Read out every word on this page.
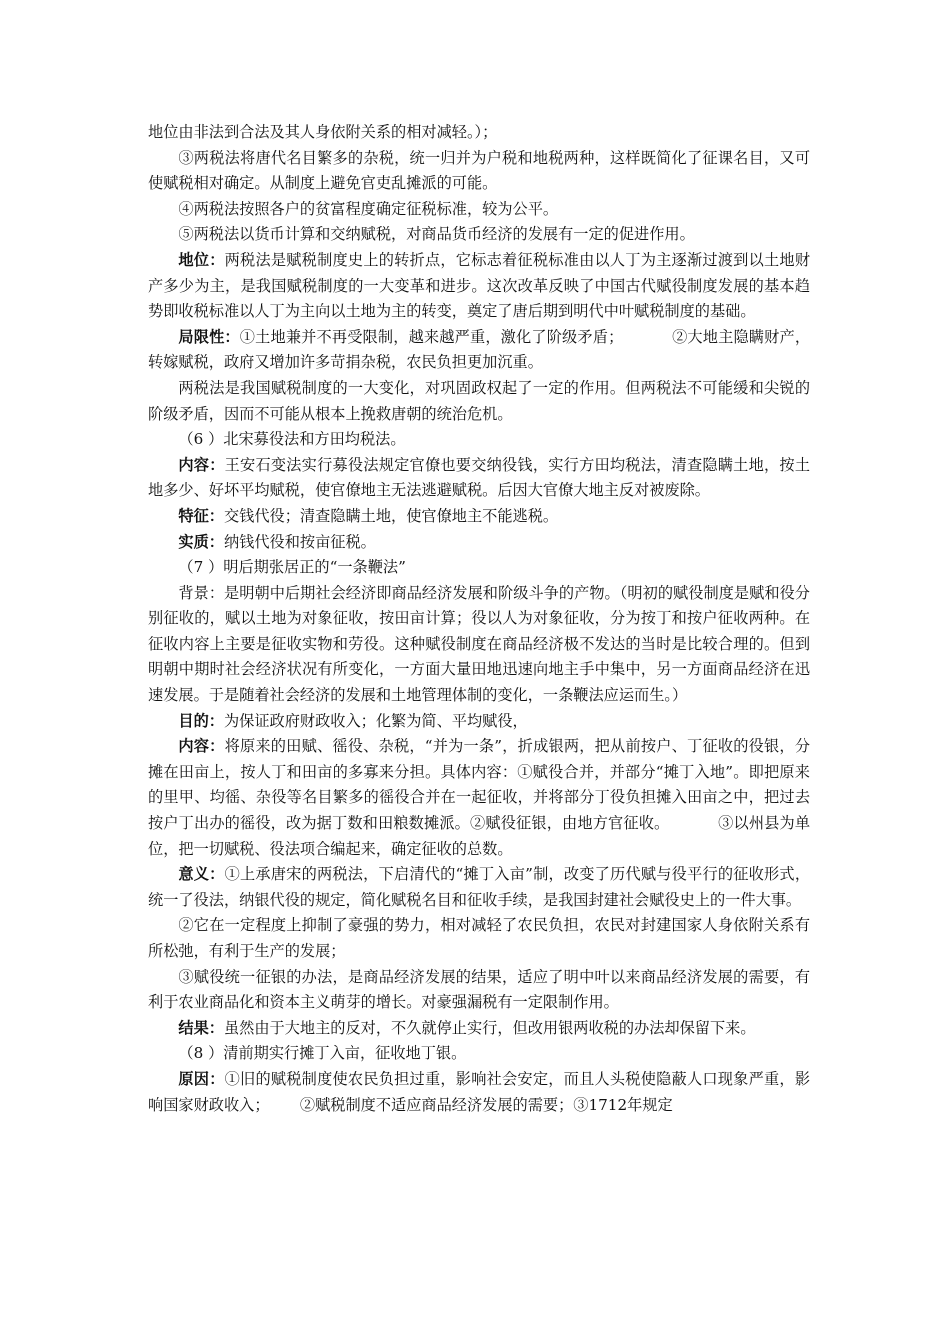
地位由非法到合法及其人身依附关系的相对减轻。）；

③两税法将唐代名目繁多的杂税，统一归并为户税和地税两种，这样既简化了征课名目，又可使赋税相对确定。从制度上避免官吏乱摊派的可能。

④两税法按照各户的贫富程度确定征税标准，较为公平。

⑤两税法以货币计算和交纳赋税，对商品货币经济的发展有一定的促进作用。

地位：两税法是赋税制度史上的转折点，它标志着征税标准由以人丁为主逐渐过渡到以土地财产多少为主，是我国赋税制度的一大变革和进步。这次改革反映了中国古代赋役制度发展的基本趋势即收税标准以人丁为主向以土地为主的转变，奠定了唐后期到明代中叶赋税制度的基础。

局限性：①土地兼并不再受限制，越来越严重，激化了阶级矛盾；	②大地主隐瞒财产，转嫁赋税，政府又增加许多苛捐杂税，农民负担更加沉重。

两税法是我国赋税制度的一大变化，对巩固政权起了一定的作用。但两税法不可能缓和尖锐的阶级矛盾，因而不可能从根本上挽救唐朝的统治危机。

（6 ）北宋募役法和方田均税法。

内容：王安石变法实行募役法规定官僚也要交纳役钱，实行方田均税法，清查隐瞒土地，按土地多少、好坏平均赋税，使官僚地主无法逃避赋税。后因大官僚大地主反对被废除。

特征：交钱代役；清查隐瞒土地，使官僚地主不能逃税。

实质：纳钱代役和按亩征税。

（7 ）明后期张居正的“一条鞭法”

背景：是明朝中后期社会经济即商品经济发展和阶级斗争的产物。（明初的赋役制度是赋和役分别征收的，赋以土地为对象征收，按田亩计算；役以人为对象征收，分为按丁和按户征收两种。在征收内容上主要是征收实物和劳役。这种赋役制度在商品经济极不发达的当时是比较合理的。但到明朝中期时社会经济状况有所变化，一方面大量田地迅速向地主手中集中，另一方面商品经济在迅速发展。于是随着社会经济的发展和土地管理体制的变化，一条鞭法应运而生。）

目的：为保证政府财政收入；化繁为简、平均赋役，

内容：将原来的田赋、徭役、杂税，“并为一条”，折成银两，把从前按户、丁征收的役银，分摊在田亩上，按人丁和田亩的多寡来分担。具体内容：①赋役合并，并部分“摊丁入地”。即把原来的里甲、均徭、杂役等名目繁多的徭役合并在一起征收，并将部分丁役负担摊入田亩之中，把过去按户丁出办的徭役，改为据丁数和田粮数摊派。②赋役征银，由地方官征收。	③以州县为单位，把一切赋税、役法项合编起来，确定征收的总数。

意义：①上承唐宋的两税法，下启清代的“摊丁入亩”制，改变了历代赋与役平行的征收形式，统一了役法，纳银代役的规定，简化赋税名目和征收手续，是我国封建社会赋役史上的一件大事。

②它在一定程度上抑制了豪强的势力，相对减轻了农民负担，农民对封建国家人身依附关系有所松弛，有利于生产的发展；

③赋役统一征银的办法，是商品经济发展的结果，适应了明中叶以来商品经济发展的需要，有利于农业商品化和资本主义萌芽的增长。对豪强漏税有一定限制作用。

结果：虽然由于大地主的反对，不久就停止实行，但改用银两收税的办法却保留下来。

（8 ）清前期实行摊丁入亩，征收地丁银。

原因：①旧的赋税制度使农民负担过重，影响社会安定，而且人头税使隐蔽人口现象严重，影响国家财政收入； ②赋税制度不适应商品经济发展的需要；③1712年规定
